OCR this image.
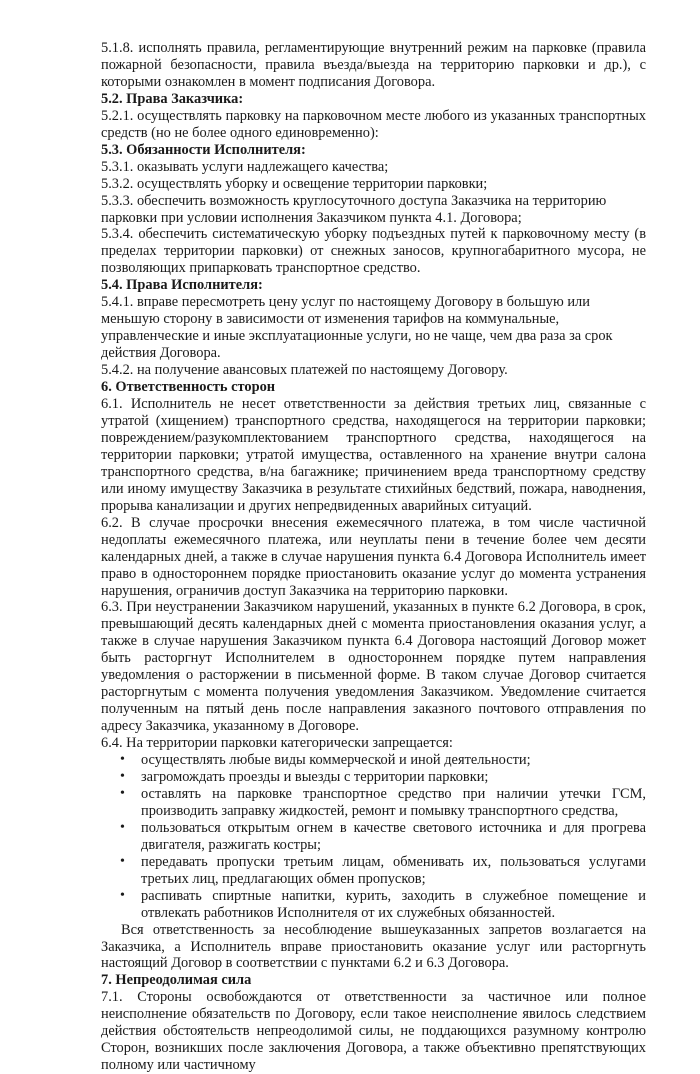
5.1.8. исполнять правила, регламентирующие внутренний режим на парковке (правила пожарной безопасности, правила въезда/выезда на территорию парковки и др.), с которыми ознакомлен в момент подписания Договора.

5.2. Права Заказчика:

5.2.1. осуществлять парковку на парковочном месте любого из указанных транспортных средств (но не более одного единовременно):

5.3. Обязанности Исполнителя:

5.3.1. оказывать услуги надлежащего качества;

5.3.2. осуществлять уборку и освещение территории парковки;

5.3.3. обеспечить возможность круглосуточного доступа Заказчика на территорию парковки при условии исполнения Заказчиком пункта 4.1. Договора;

5.3.4. обеспечить систематическую уборку подъездных путей к парковочному месту (в пределах территории парковки) от снежных заносов, крупногабаритного мусора, не позволяющих припарковать транспортное средство.

5.4. Права Исполнителя:

5.4.1. вправе пересмотреть цену услуг по настоящему Договору в большую или меньшую сторону в зависимости от изменения тарифов на коммунальные, управленческие и иные эксплуатационные услуги, но не чаще, чем два раза за срок действия Договора.

5.4.2. на получение авансовых платежей по настоящему Договору.

6. Ответственность сторон

6.1. Исполнитель не несет ответственности за действия третьих лиц, связанные с утратой (хищением) транспортного средства, находящегося на территории парковки; повреждением/разукомплектованием транспортного средства, находящегося на территории парковки; утратой имущества, оставленного на хранение внутри салона транспортного средства, в/на багажнике; причинением вреда транспортному средству или иному имуществу Заказчика в результате стихийных бедствий, пожара, наводнения, прорыва канализации и других непредвиденных аварийных ситуаций.

6.2. В случае просрочки внесения ежемесячного платежа, в том числе частичной недоплаты ежемесячного платежа, или неуплаты пени в течение более чем десяти календарных дней, а также в случае нарушения пункта 6.4 Договора Исполнитель имеет право в одностороннем порядке приостановить оказание услуг до момента устранения нарушения, ограничив доступ Заказчика на территорию парковки.

6.3. При неустранении Заказчиком нарушений, указанных в пункте 6.2 Договора, в срок, превышающий десять календарных дней с момента приостановления оказания услуг, а также в случае нарушения Заказчиком пункта 6.4 Договора настоящий Договор может быть расторгнут Исполнителем в одностороннем порядке путем направления уведомления о расторжении в письменной форме. В таком случае Договор считается расторгнутым с момента получения уведомления Заказчиком. Уведомление считается полученным на пятый день после направления заказного почтового отправления по адресу Заказчика, указанному в Договоре.

6.4. На территории парковки категорически запрещается:

• осуществлять любые виды коммерческой и иной деятельности;
• загромождать проезды и выезды с территории парковки;
• оставлять на парковке транспортное средство при наличии утечки ГСМ, производить заправку жидкостей, ремонт и помывку транспортного средства,
• пользоваться открытым огнем в качестве светового источника и для прогрева двигателя, разжигать костры;
• передавать пропуски третьим лицам, обменивать их, пользоваться услугами третьих лиц, предлагающих обмен пропусков;
• распивать спиртные напитки, курить, заходить в служебное помещение и отвлекать работников Исполнителя от их служебных обязанностей.

Вся ответственность за несоблюдение вышеуказанных запретов возлагается на Заказчика, а Исполнитель вправе приостановить оказание услуг или расторгнуть настоящий Договор в соответствии с пунктами 6.2 и 6.3 Договора.

7. Непреодолимая сила

7.1. Стороны освобождаются от ответственности за частичное или полное неисполнение обязательств по Договору, если такое неисполнение явилось следствием действия обстоятельств непреодолимой силы, не поддающихся разумному контролю Сторон, возникших после заключения Договора, а также объективно препятствующих полному или частичному
